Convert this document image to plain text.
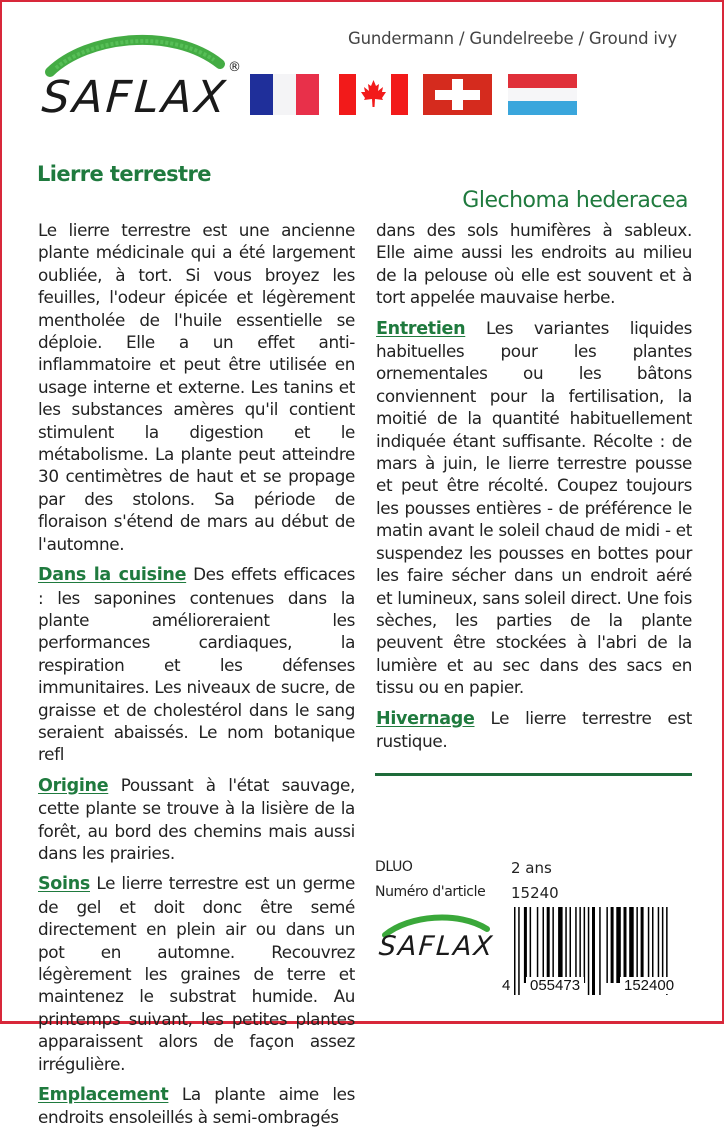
SAFLAX
®
Gundermann / Gundelreebe / Ground ivy
Lierre terrestre
Glechoma hederacea

Le lierre terrestre est une ancienne plante médicinale qui a été largement oubliée, à tort. Si vous broyez les feuilles, l'odeur épicée et légèrement mentholée de l'huile essentielle se déploie. Elle a un effet anti-inflammatoire et peut être utilisée en usage interne et externe. Les tanins et les substances amères qu'il contient stimulent la digestion et le métabolisme. La plante peut atteindre 30 centimètres de haut et se propage par des stolons. Sa période de floraison s'étend de mars au début de l'automne.

Dans la cuisine Des effets efficaces : les saponines contenues dans la plante amélioreraient les performances cardiaques, la respiration et les défenses immunitaires. Les niveaux de sucre, de graisse et de cholestérol dans le sang seraient abaissés. Le nom botanique refl

Origine Poussant à l'état sauvage, cette plante se trouve à la lisière de la forêt, au bord des chemins mais aussi dans les prairies.

Soins Le lierre terrestre est un germe de gel et doit donc être semé directement en plein air ou dans un pot en automne. Recouvrez légèrement les graines de terre et maintenez le substrat humide. Au printemps suivant, les petites plantes apparaissent alors de façon assez irrégulière.

Emplacement La plante aime les endroits ensoleillés à semi-ombragés

dans des sols humifères à sableux. Elle aime aussi les endroits au milieu de la pelouse où elle est souvent et à tort appelée mauvaise herbe.

Entretien Les variantes liquides habituelles pour les plantes ornementales ou les bâtons conviennent pour la fertilisation, la moitié de la quantité habituellement indiquée étant suffisante. Récolte : de mars à juin, le lierre terrestre pousse et peut être récolté. Coupez toujours les pousses entières - de préférence le matin avant le soleil chaud de midi - et suspendez les pousses en bottes pour les faire sécher dans un endroit aéré et lumineux, sans soleil direct. Une fois sèches, les parties de la plante peuvent être stockées à l'abri de la lumière et au sec dans des sacs en tissu ou en papier.

Hivernage Le lierre terrestre est rustique.

DLUO	2 ans
Numéro d'article 15240
SAFLAX
4 055473	152400
